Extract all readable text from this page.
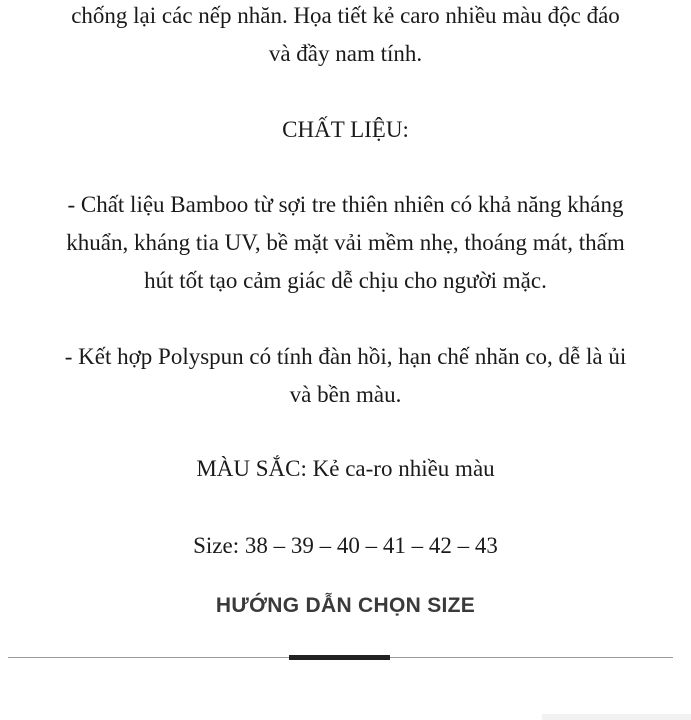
chống lại các nếp nhăn. Họa tiết kẻ caro nhiều màu độc đáo

và đầy nam tính.

CHẤT LIỆU:

- Chất liệu Bamboo từ sợi tre thiên nhiên có khả năng kháng

khuẩn, kháng tia UV, bề mặt vải mềm nhẹ, thoáng mát, thấm

hút tốt tạo cảm giác dễ chịu cho người mặc.

- Kết hợp Polyspun có tính đàn hồi, hạn chế nhăn co, dễ là ủi

và bền màu.

MÀU SẮC: Kẻ ca-ro nhiều màu

Size: 38 – 39 – 40 – 41 – 42 – 43

HƯỚNG DẪN CHỌN SIZE
